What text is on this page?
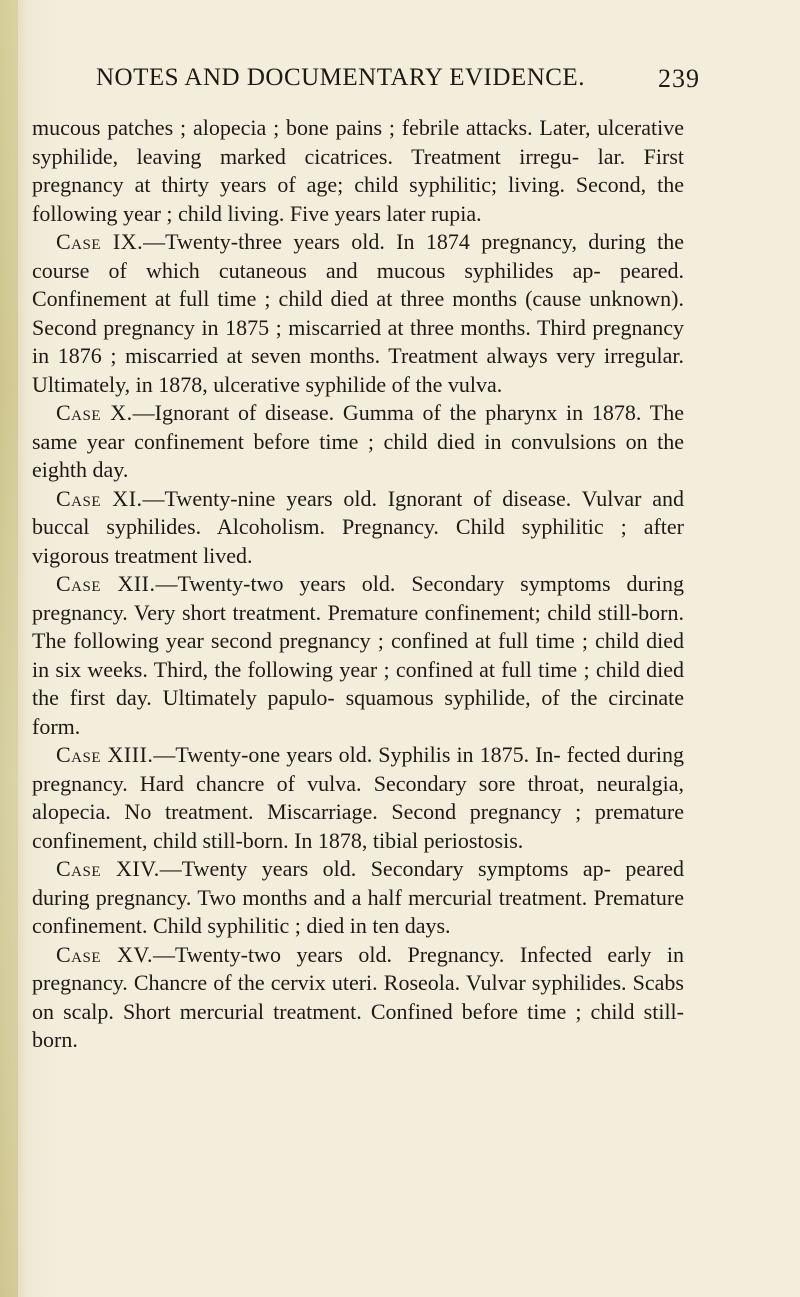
NOTES AND DOCUMENTARY EVIDENCE.	239

mucous patches ; alopecia ; bone pains ; febrile attacks. Later, ulcerative syphilide, leaving marked cicatrices. Treatment irregu- lar. First pregnancy at thirty years of age; child syphilitic; living. Second, the following year ; child living. Five years later rupia.

Case IX.—Twenty-three years old. In 1874 pregnancy, during the course of which cutaneous and mucous syphilides ap- peared. Confinement at full time ; child died at three months (cause unknown). Second pregnancy in 1875 ; miscarried at three months. Third pregnancy in 1876 ; miscarried at seven months. Treatment always very irregular. Ultimately, in 1878, ulcerative syphilide of the vulva.

Case X.—Ignorant of disease. Gumma of the pharynx in 1878. The same year confinement before time ; child died in convulsions on the eighth day.

Case XI.—Twenty-nine years old. Ignorant of disease. Vulvar and buccal syphilides. Alcoholism. Pregnancy. Child syphilitic ; after vigorous treatment lived.

Case XII.—Twenty-two years old. Secondary symptoms during pregnancy. Very short treatment. Premature confinement; child still-born. The following year second pregnancy ; confined at full time ; child died in six weeks. Third, the following year ; confined at full time ; child died the first day. Ultimately papulo- squamous syphilide, of the circinate form.

Case XIII.—Twenty-one years old. Syphilis in 1875. In- fected during pregnancy. Hard chancre of vulva. Secondary sore throat, neuralgia, alopecia. No treatment. Miscarriage. Second pregnancy ; premature confinement, child still-born. In 1878, tibial periostosis.

Case XIV.—Twenty years old. Secondary symptoms ap- peared during pregnancy. Two months and a half mercurial treatment. Premature confinement. Child syphilitic ; died in ten days.

Case XV.—Twenty-two years old. Pregnancy. Infected early in pregnancy. Chancre of the cervix uteri. Roseola. Vulvar syphilides. Scabs on scalp. Short mercurial treatment. Confined before time ; child still-born.
